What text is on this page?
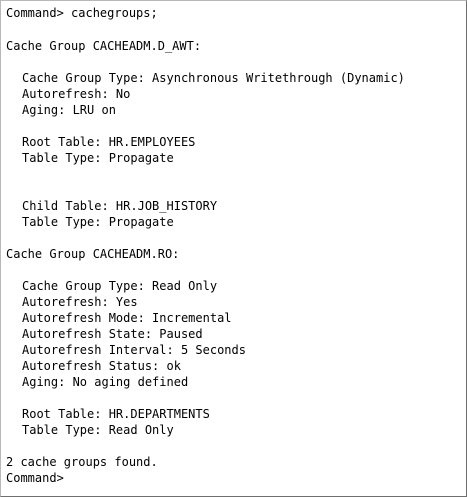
Command> cachegroups;
Cache Group CACHEADM.D_AWT:
Cache Group Type: Asynchronous Writethrough (Dynamic)
Autorefresh: No
Aging: LRU on
Root Table: HR.EMPLOYEES
Table Type: Propagate
Child Table: HR.JOB_HISTORY
Table Type: Propagate
Cache Group CACHEADM.RO:
Cache Group Type: Read Only
Autorefresh: Yes
Autorefresh Mode: Incremental
Autorefresh State: Paused
Autorefresh Interval: 5 Seconds
Autorefresh Status: ok
Aging: No aging defined
Root Table: HR.DEPARTMENTS
Table Type: Read Only
2 cache groups found.
Command>
